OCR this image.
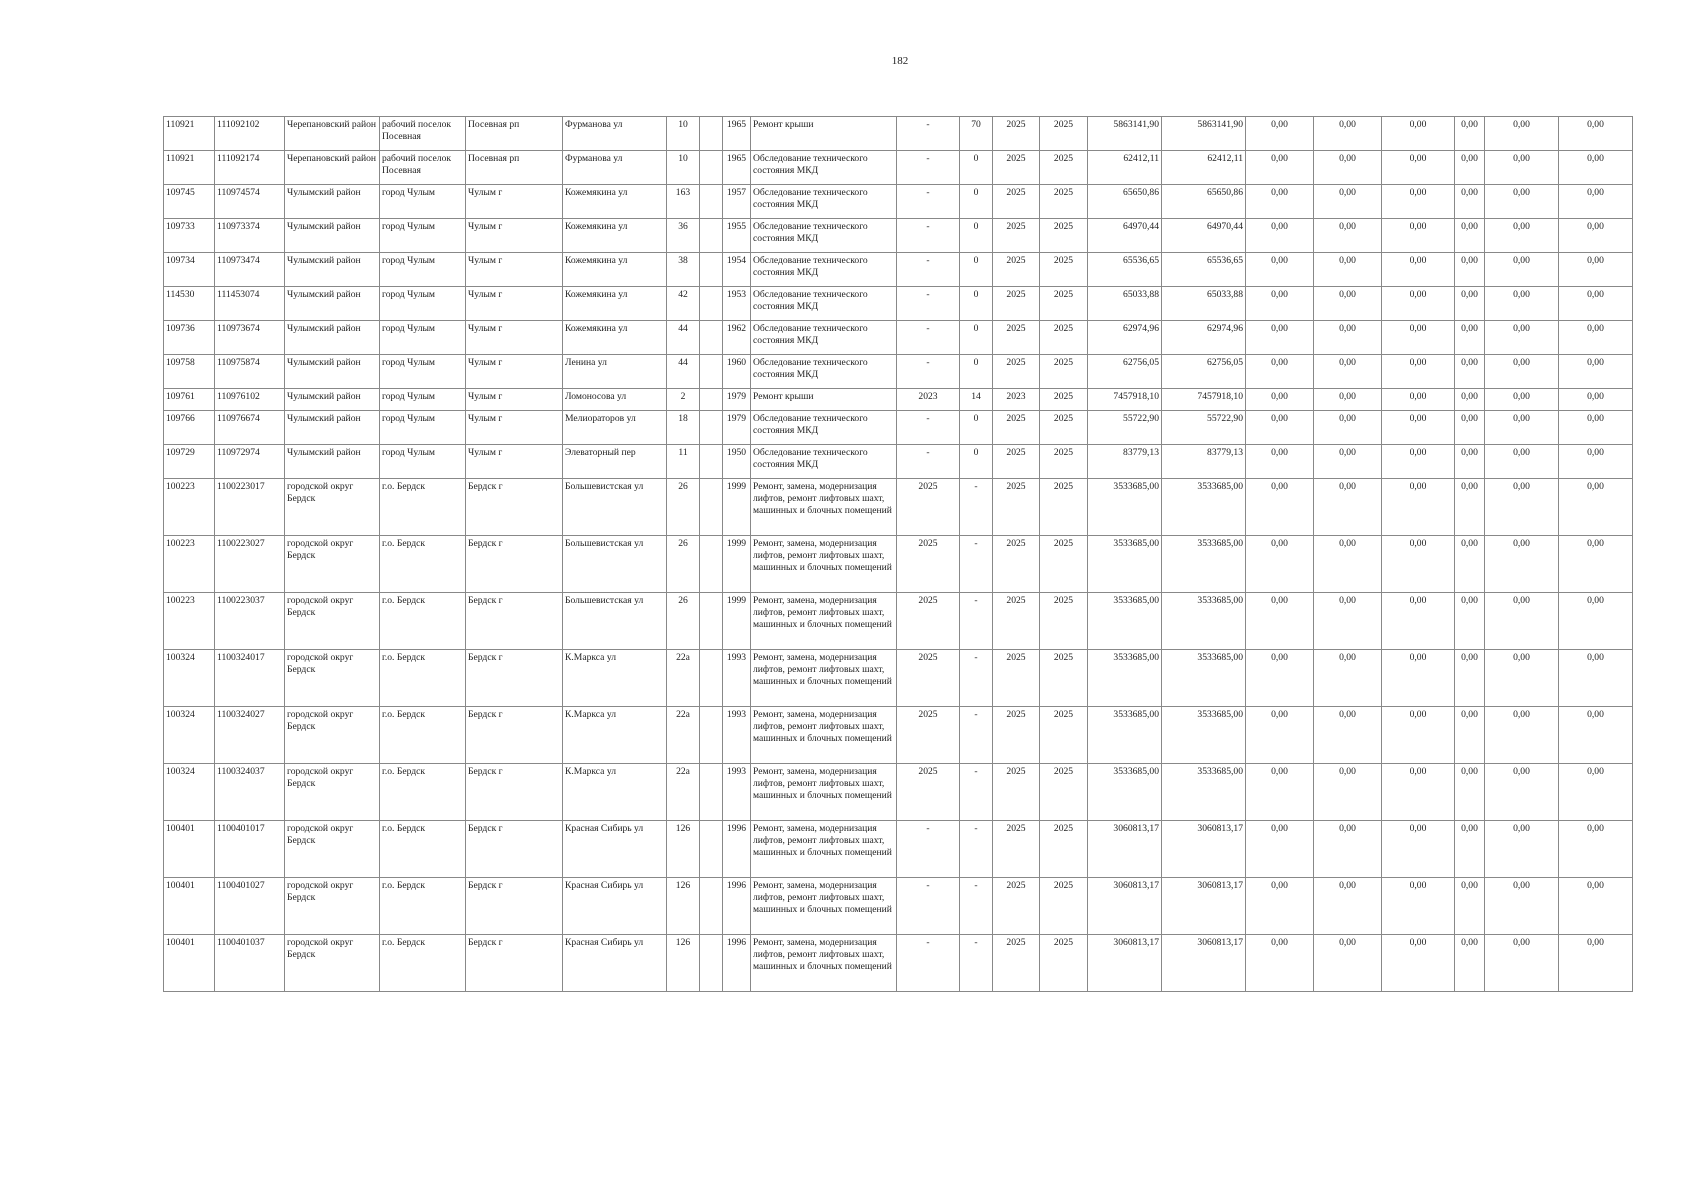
182
110921	111092102	Черепановский район	рабочий поселок Посевная	Посевная рп	Фурманова ул	10		1965	Ремонт крыши	-	70	2025	2025	5863141,90	5863141,90	0,00	0,00	0,00	0,00	0,00	0,00
110921	111092174	Черепановский район	рабочий поселок Посевная	Посевная рп	Фурманова ул	10		1965	Обследование технического состояния МКД	-	0	2025	2025	62412,11	62412,11	0,00	0,00	0,00	0,00	0,00	0,00
109745	110974574	Чулымский район	город Чулым	Чулым г	Кожемякина ул	163		1957	Обследование технического состояния МКД	-	0	2025	2025	65650,86	65650,86	0,00	0,00	0,00	0,00	0,00	0,00
109733	110973374	Чулымский район	город Чулым	Чулым г	Кожемякина ул	36		1955	Обследование технического состояния МКД	-	0	2025	2025	64970,44	64970,44	0,00	0,00	0,00	0,00	0,00	0,00
109734	110973474	Чулымский район	город Чулым	Чулым г	Кожемякина ул	38		1954	Обследование технического состояния МКД	-	0	2025	2025	65536,65	65536,65	0,00	0,00	0,00	0,00	0,00	0,00
114530	111453074	Чулымский район	город Чулым	Чулым г	Кожемякина ул	42		1953	Обследование технического состояния МКД	-	0	2025	2025	65033,88	65033,88	0,00	0,00	0,00	0,00	0,00	0,00
109736	110973674	Чулымский район	город Чулым	Чулым г	Кожемякина ул	44		1962	Обследование технического состояния МКД	-	0	2025	2025	62974,96	62974,96	0,00	0,00	0,00	0,00	0,00	0,00
109758	110975874	Чулымский район	город Чулым	Чулым г	Ленина ул	44		1960	Обследование технического состояния МКД	-	0	2025	2025	62756,05	62756,05	0,00	0,00	0,00	0,00	0,00	0,00
109761	110976102	Чулымский район	город Чулым	Чулым г	Ломоносова ул	2		1979	Ремонт крыши	2023	14	2023	2025	7457918,10	7457918,10	0,00	0,00	0,00	0,00	0,00	0,00
109766	110976674	Чулымский район	город Чулым	Чулым г	Мелиораторов ул	18		1979	Обследование технического состояния МКД	-	0	2025	2025	55722,90	55722,90	0,00	0,00	0,00	0,00	0,00	0,00
109729	110972974	Чулымский район	город Чулым	Чулым г	Элеваторный пер	11		1950	Обследование технического состояния МКД	-	0	2025	2025	83779,13	83779,13	0,00	0,00	0,00	0,00	0,00	0,00
100223	1100223017	городской округ Бердск	г.о. Бердск	Бердск г	Большевистская ул	26		1999	Ремонт, замена, модернизация лифтов, ремонт лифтовых шахт, машинных и блочных помещений	2025	-	2025	2025	3533685,00	3533685,00	0,00	0,00	0,00	0,00	0,00	0,00
100223	1100223027	городской округ Бердск	г.о. Бердск	Бердск г	Большевистская ул	26		1999	Ремонт, замена, модернизация лифтов, ремонт лифтовых шахт, машинных и блочных помещений	2025	-	2025	2025	3533685,00	3533685,00	0,00	0,00	0,00	0,00	0,00	0,00
100223	1100223037	городской округ Бердск	г.о. Бердск	Бердск г	Большевистская ул	26		1999	Ремонт, замена, модернизация лифтов, ремонт лифтовых шахт, машинных и блочных помещений	2025	-	2025	2025	3533685,00	3533685,00	0,00	0,00	0,00	0,00	0,00	0,00
100324	1100324017	городской округ Бердск	г.о. Бердск	Бердск г	К.Маркса ул	22а		1993	Ремонт, замена, модернизация лифтов, ремонт лифтовых шахт, машинных и блочных помещений	2025	-	2025	2025	3533685,00	3533685,00	0,00	0,00	0,00	0,00	0,00	0,00
100324	1100324027	городской округ Бердск	г.о. Бердск	Бердск г	К.Маркса ул	22а		1993	Ремонт, замена, модернизация лифтов, ремонт лифтовых шахт, машинных и блочных помещений	2025	-	2025	2025	3533685,00	3533685,00	0,00	0,00	0,00	0,00	0,00	0,00
100324	1100324037	городской округ Бердск	г.о. Бердск	Бердск г	К.Маркса ул	22а		1993	Ремонт, замена, модернизация лифтов, ремонт лифтовых шахт, машинных и блочных помещений	2025	-	2025	2025	3533685,00	3533685,00	0,00	0,00	0,00	0,00	0,00	0,00
100401	1100401017	городской округ Бердск	г.о. Бердск	Бердск г	Красная Сибирь ул	126		1996	Ремонт, замена, модернизация лифтов, ремонт лифтовых шахт, машинных и блочных помещений	-	-	2025	2025	3060813,17	3060813,17	0,00	0,00	0,00	0,00	0,00	0,00
100401	1100401027	городской округ Бердск	г.о. Бердск	Бердск г	Красная Сибирь ул	126		1996	Ремонт, замена, модернизация лифтов, ремонт лифтовых шахт, машинных и блочных помещений	-	-	2025	2025	3060813,17	3060813,17	0,00	0,00	0,00	0,00	0,00	0,00
100401	1100401037	городской округ Бердск	г.о. Бердск	Бердск г	Красная Сибирь ул	126		1996	Ремонт, замена, модернизация лифтов, ремонт лифтовых шахт, машинных и блочных помещений	-	-	2025	2025	3060813,17	3060813,17	0,00	0,00	0,00	0,00	0,00	0,00
